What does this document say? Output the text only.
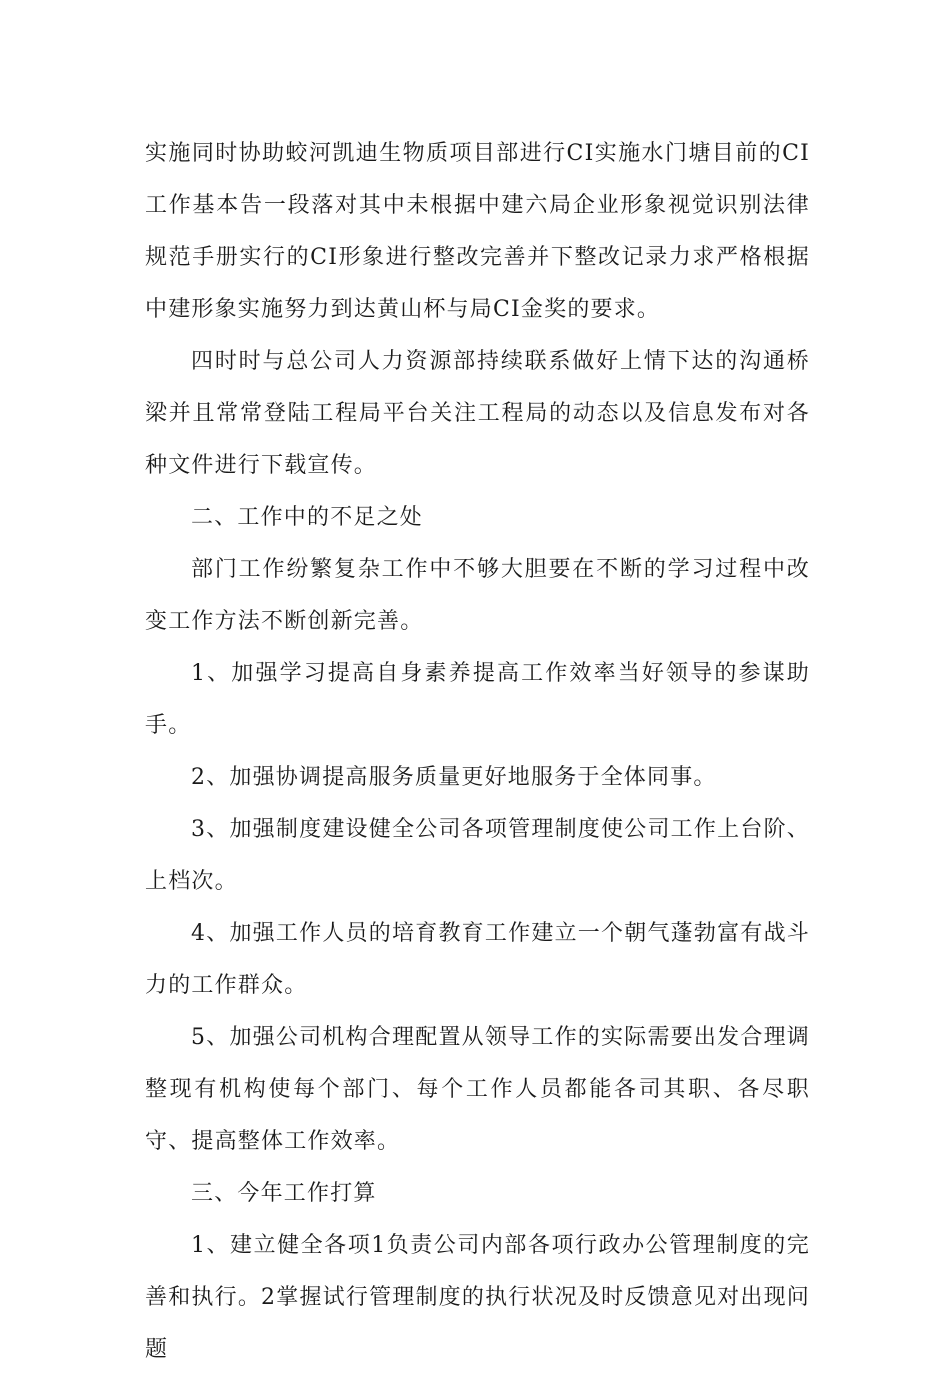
实施同时协助蛟河凯迪生物质项目部进行CI实施水门塘目前的CI工作基本告一段落对其中未根据中建六局企业形象视觉识别法律规范手册实行的CI形象进行整改完善并下整改记录力求严格根据中建形象实施努力到达黄山杯与局CI金奖的要求。

四时时与总公司人力资源部持续联系做好上情下达的沟通桥梁并且常常登陆工程局平台关注工程局的动态以及信息发布对各种文件进行下载宣传。

二、工作中的不足之处

部门工作纷繁复杂工作中不够大胆要在不断的学习过程中改变工作方法不断创新完善。

1、加强学习提高自身素养提高工作效率当好领导的参谋助手。

2、加强协调提高服务质量更好地服务于全体同事。

3、加强制度建设健全公司各项管理制度使公司工作上台阶、上档次。

4、加强工作人员的培育教育工作建立一个朝气蓬勃富有战斗力的工作群众。

5、加强公司机构合理配置从领导工作的实际需要出发合理调整现有机构使每个部门、每个工作人员都能各司其职、各尽职守、提高整体工作效率。

三、今年工作打算

1、建立健全各项1负责公司内部各项行政办公管理制度的完善和执行。2掌握试行管理制度的执行状况及时反馈意见对出现问题
